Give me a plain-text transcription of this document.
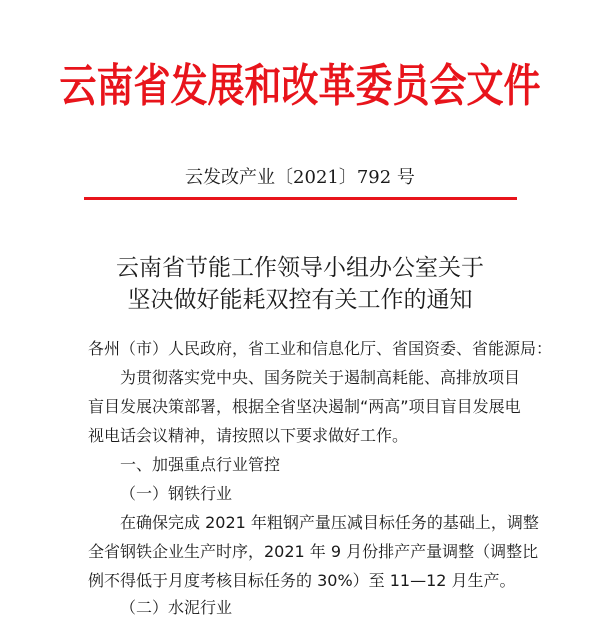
云南省发展和改革委员会文件
云发改产业〔2021〕792 号
云南省节能工作领导小组办公室关于
坚决做好能耗双控有关工作的通知
各州（市）人民政府，省工业和信息化厅、省国资委、省能源局：
为贯彻落实党中央、国务院关于遏制高耗能、高排放项目
盲目发展决策部署，根据全省坚决遏制“两高”项目盲目发展电
视电话会议精神，请按照以下要求做好工作。
一、加强重点行业管控
（一）钢铁行业
在确保完成 2021 年粗钢产量压减目标任务的基础上，调整
全省钢铁企业生产时序，2021 年 9 月份排产产量调整（调整比
例不得低于月度考核目标任务的 30%）至 11—12 月生产。
（二）水泥行业
